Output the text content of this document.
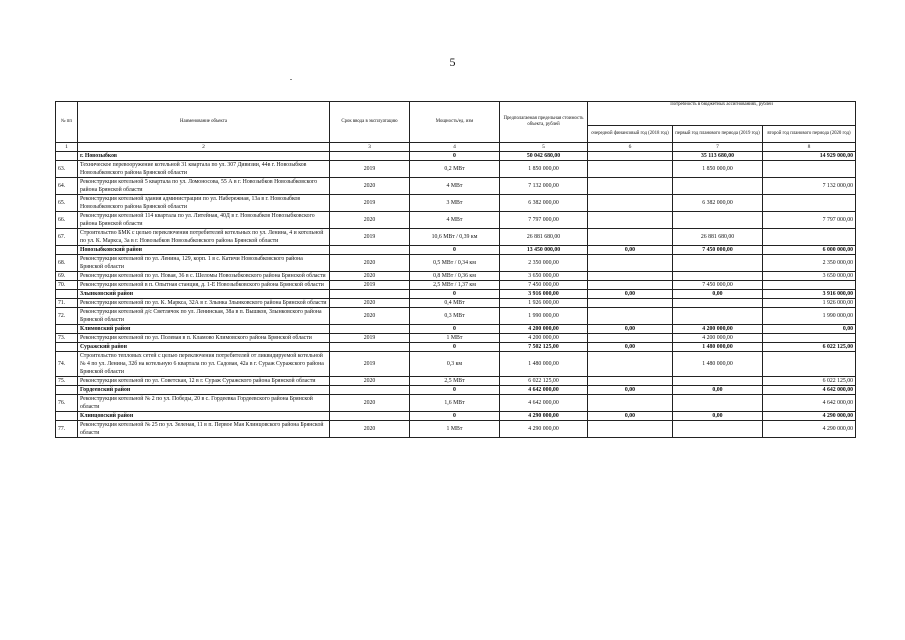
5
№ пп	Наименование объекта	Срок ввода в эксплуатацию	Мощность/ед. изм	Предполагаемая предельная стоимость объекта, рублей	Потребность в бюджетных ассигнованиях, рублей		
					очередной финансовый год (2018 год)	первый год планового периода (2019 год)	второй год планового периода (2020 год)
1	2	3	4	5	6	7	8
	г. Новозыбков		0	50 042 680,00		35 113 680,00	14 929 000,00
63.	Техническое перевооружение котельной 31 квартала по ул. 307 Дивизии, 44в г. Новозыбков Новозыбковского района Брянской области	2019	0,2 МВт	1 850 000,00		1 850 000,00	
64.	Реконструкция котельной 5 квартала по ул. Ломоносова, 55 А в г. Новозыбков Новозыбковского района Брянской области	2020	4 МВт	7 132 000,00			7 132 000,00
65.	Реконструкция котельной здания администрации по ул. Набережная, 13а в г. Новозыбков Новозыбковского района Брянской области	2019	3 МВт	6 382 000,00		6 382 000,00	
66.	Реконструкция котельной 114 квартала по ул. Литейная, 40Д в г. Новозыбков Новозыбковского района Брянской области	2020	4 МВт	7 797 000,00			7 797 000,00
67.	Строительство БМК с целью переключения потребителей котельных по ул. Ленина, 4 и котельной по ул. К. Маркса, 3а в г. Новозыбков Новозыбковского района Брянской области	2019	10,6 МВт / 0,39 км	26 881 680,00		26 881 680,00	
	Новозыбковский район		0	13 450 000,00	0,00	7 450 000,00	6 000 000,00
68.	Реконструкция котельной по ул. Ленина, 129, корп. 1 в с. Катичи Новозыбковского района Брянской области	2020	0,5 МВт / 0,34 км	2 350 000,00			2 350 000,00
69.	Реконструкция котельной по ул. Новая, 36 в с. Шеломы Новозыбковского района Брянской области	2020	0,8 МВт / 0,36 км	3 650 000,00			3 650 000,00
70.	Реконструкция котельной в п. Опытная станция, д. 1-Е Новозыбковского района Брянской области	2019	2,5 МВт / 1,37 км	7 450 000,00		7 450 000,00	
	Злынковский район		0	3 916 000,00	0,00	0,00	3 916 000,00
71.	Реконструкция котельной по ул. К. Маркса, 32А в г. Злынка Злынковского района Брянской области	2020	0,4 МВт	1 926 000,00			1 926 000,00
72.	Реконструкция котельной д/с Светлячок по ул. Ленинская, 38а в п. Вышков, Злынковского района Брянской области	2020	0,3 МВт	1 990 000,00			1 990 000,00
	Климовский район		0	4 200 000,00	0,00	4 200 000,00	0,00
73.	Реконструкция котельной по ул. Полевая в п. Кламово Климовского района Брянской области	2019	1 МВт	4 200 000,00		4 200 000,00	
	Суражский район		0	7 502 125,00	0,00	1 480 000,00	6 022 125,00
74.	Строительство тепловых сетей с целью переключения потребителей от ликвидируемой котельной № 4 по ул. Ленина, 32б на котельную 6 квартала по ул. Садовая, 42а в г. Сураж Суражского района Брянской области	2019	0,3 км	1 480 000,00		1 480 000,00	
75.	Реконструкция котельной по ул. Советская, 12 в г. Сураж Суражского района Брянской области	2020	2,5 МВт	6 022 125,00			6 022 125,00
	Гордеевский район		0	4 642 000,00	0,00	0,00	4 642 000,00
76.	Реконструкция котельной № 2 по ул. Победы, 20 в с. Гордеевка Гордеевского района Брянской области	2020	1,6 МВт	4 642 000,00			4 642 000,00
	Клинцовский район		0	4 290 000,00	0,00	0,00	4 290 000,00
77.	Реконструкция котельной № 25 по ул. Зеленая, 11 в п. Первое Мая Клинцовского района Брянской области	2020	1 МВт	4 290 000,00			4 290 000,00
